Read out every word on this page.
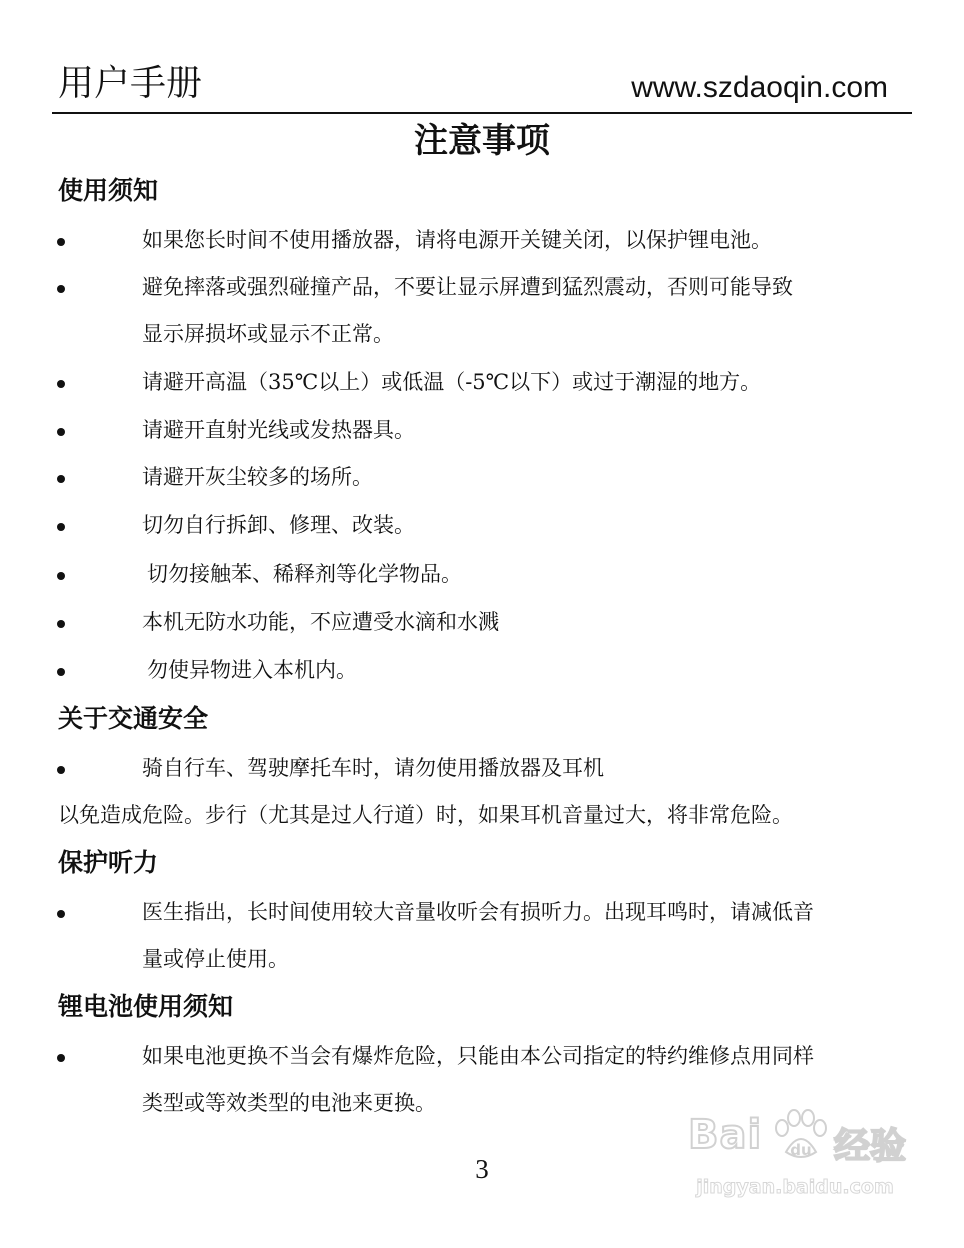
用户手册	www.szdaoqin.com
注意事项
使用须知
如果您长时间不使用播放器，请将电源开关键关闭，以保护锂电池。
避免摔落或强烈碰撞产品，不要让显示屏遭到猛烈震动，否则可能导致
显示屏损坏或显示不正常。
请避开高温（35℃以上）或低温（-5℃以下）或过于潮湿的地方。
请避开直射光线或发热器具。
请避开灰尘较多的场所。
切勿自行拆卸、修理、改装。
切勿接触苯、稀释剂等化学物品。
本机无防水功能，不应遭受水滴和水溅
勿使异物进入本机内。
关于交通安全
骑自行车、驾驶摩托车时，请勿使用播放器及耳机
以免造成危险。步行（尤其是过人行道）时，如果耳机音量过大，将非常危险。
保护听力
医生指出，长时间使用较大音量收听会有损听力。出现耳鸣时，请减低音
量或停止使用。
锂电池使用须知
如果电池更换不当会有爆炸危险，只能由本公司指定的特约维修点用同样
类型或等效类型的电池来更换。
3
Bai du 经验
jingyan.baidu.com
